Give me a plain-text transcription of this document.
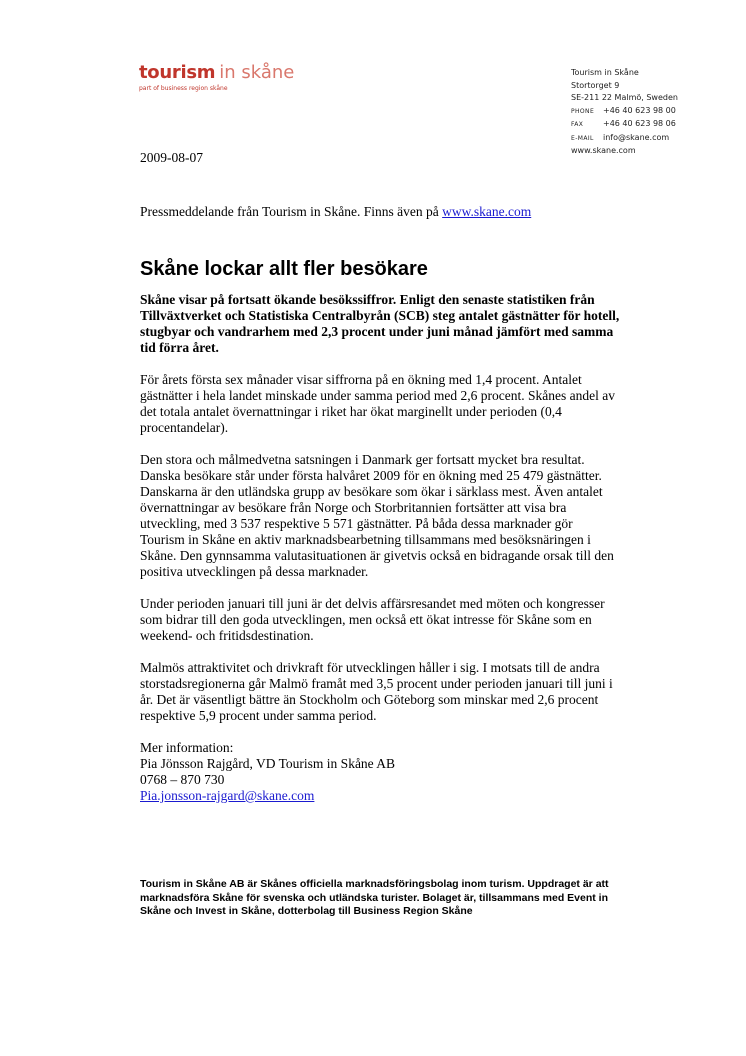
tourism in skåne
part of business region skåne
Tourism in Skåne
Stortorget 9
SE-211 22 Malmö, Sweden
PHONE +46 40 623 98 00
FAX +46 40 623 98 06
E-MAIL info@skane.com
www.skane.com
2009-08-07
Pressmeddelande från Tourism in Skåne. Finns även på www.skane.com
Skåne lockar allt fler besökare

Skåne visar på fortsatt ökande besökssiffror. Enligt den senaste statistiken från Tillväxtverket och Statistiska Centralbyrån (SCB) steg antalet gästnätter för hotell, stugbyar och vandrarhem med 2,3 procent under juni månad jämfört med samma tid förra året.

För årets första sex månader visar siffrorna på en ökning med 1,4 procent. Antalet gästnätter i hela landet minskade under samma period med 2,6 procent. Skånes andel av det totala antalet övernattningar i riket har ökat marginellt under perioden (0,4 procentandelar).

Den stora och målmedvetna satsningen i Danmark ger fortsatt mycket bra resultat. Danska besökare står under första halvåret 2009 för en ökning med 25 479 gästnätter. Danskarna är den utländska grupp av besökare som ökar i särklass mest. Även antalet övernattningar av besökare från Norge och Storbritannien fortsätter att visa bra utveckling, med 3 537 respektive 5 571 gästnätter. På båda dessa marknader gör Tourism in Skåne en aktiv marknadsbearbetning tillsammans med besöksnäringen i Skåne. Den gynnsamma valutasituationen är givetvis också en bidragande orsak till den positiva utvecklingen på dessa marknader.

Under perioden januari till juni är det delvis affärsresandet med möten och kongresser som bidrar till den goda utvecklingen, men också ett ökat intresse för Skåne som en weekend- och fritidsdestination.

Malmös attraktivitet och drivkraft för utvecklingen håller i sig. I motsats till de andra storstadsregionerna går Malmö framåt med 3,5 procent under perioden januari till juni i år. Det är väsentligt bättre än Stockholm och Göteborg som minskar med 2,6 procent respektive 5,9 procent under samma period.

Mer information:
Pia Jönsson Rajgård, VD Tourism in Skåne AB
0768 – 870 730
Pia.jonsson-rajgard@skane.com
Tourism in Skåne AB är Skånes officiella marknadsföringsbolag inom turism. Uppdraget är att marknadsföra Skåne för svenska och utländska turister. Bolaget är, tillsammans med Event in Skåne och Invest in Skåne, dotterbolag till Business Region Skåne
